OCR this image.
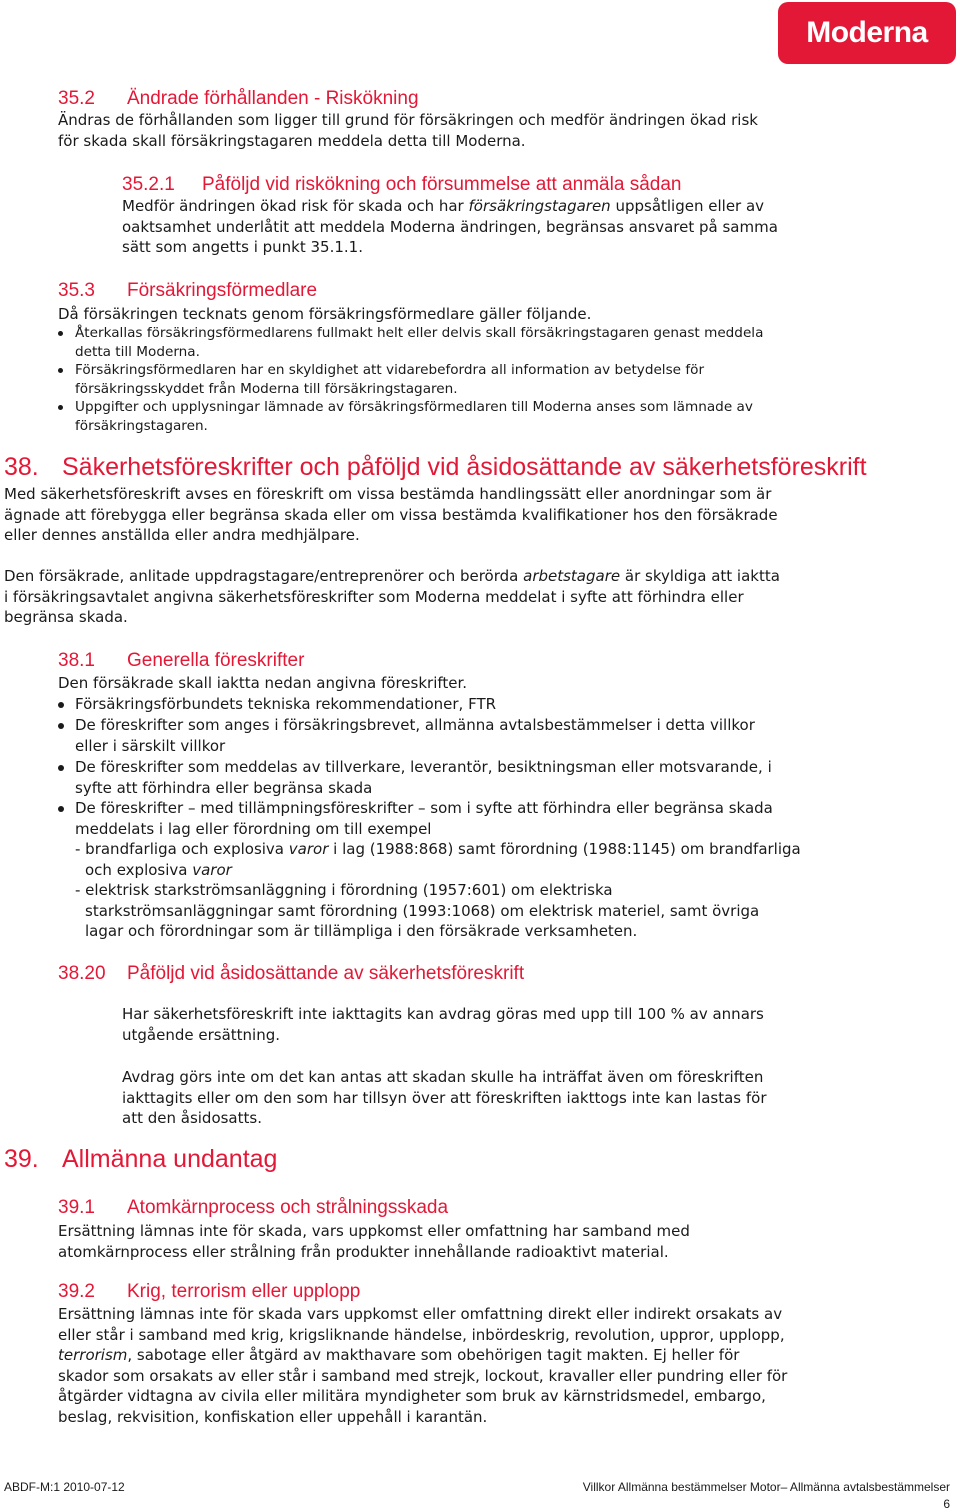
Moderna
35.2 Ändrade förhållanden - Riskökning
Ändras de förhållanden som ligger till grund för försäkringen och medför ändringen ökad risk
för skada skall försäkringstagaren meddela detta till Moderna.
35.2.1 Påföljd vid riskökning och försummelse att anmäla sådan
Medför ändringen ökad risk för skada och har försäkringstagaren uppsåtligen eller av
oaktsamhet underlåtit att meddela Moderna ändringen, begränsas ansvaret på samma
sätt som angetts i punkt 35.1.1.
35.3 Försäkringsförmedlare
Då försäkringen tecknats genom försäkringsförmedlare gäller följande.
Återkallas försäkringsförmedlarens fullmakt helt eller delvis skall försäkringstagaren genast meddela
detta till Moderna.
Försäkringsförmedlaren har en skyldighet att vidarebefordra all information av betydelse för
försäkringsskyddet från Moderna till försäkringstagaren.
Uppgifter och upplysningar lämnade av försäkringsförmedlaren till Moderna anses som lämnade av
försäkringstagaren.
38. Säkerhetsföreskrifter och påföljd vid åsidosättande av säkerhetsföreskrift
Med säkerhetsföreskrift avses en föreskrift om vissa bestämda handlingssätt eller anordningar som är
ägnade att förebygga eller begränsa skada eller om vissa bestämda kvalifikationer hos den försäkrade
eller dennes anställda eller andra medhjälpare.
Den försäkrade, anlitade uppdragstagare/entreprenörer och berörda arbetstagare är skyldiga att iaktta
i försäkringsavtalet angivna säkerhetsföreskrifter som Moderna meddelat i syfte att förhindra eller
begränsa skada.
38.1 Generella föreskrifter
Den försäkrade skall iaktta nedan angivna föreskrifter.
Försäkringsförbundets tekniska rekommendationer, FTR
De föreskrifter som anges i försäkringsbrevet, allmänna avtalsbestämmelser i detta villkor
eller i särskilt villkor
De föreskrifter som meddelas av tillverkare, leverantör, besiktningsman eller motsvarande, i
syfte att förhindra eller begränsa skada
De föreskrifter – med tillämpningsföreskrifter – som i syfte att förhindra eller begränsa skada
meddelats i lag eller förordning om till exempel
- brandfarliga och explosiva varor i lag (1988:868) samt förordning (1988:1145) om brandfarliga
och explosiva varor
- elektrisk starkströmsanläggning i förordning (1957:601) om elektriska
starkströmsanläggningar samt förordning (1993:1068) om elektrisk materiel, samt övriga
lagar och förordningar som är tillämpliga i den försäkrade verksamheten.
38.20 Påföljd vid åsidosättande av säkerhetsföreskrift
Har säkerhetsföreskrift inte iakttagits kan avdrag göras med upp till 100 % av annars
utgående ersättning.
Avdrag görs inte om det kan antas att skadan skulle ha inträffat även om föreskriften
iakttagits eller om den som har tillsyn över att föreskriften iakttogs inte kan lastas för
att den åsidosatts.
39. Allmänna undantag
39.1 Atomkärnprocess och strålningsskada
Ersättning lämnas inte för skada, vars uppkomst eller omfattning har samband med
atomkärnprocess eller strålning från produkter innehållande radioaktivt material.
39.2 Krig, terrorism eller upplopp
Ersättning lämnas inte för skada vars uppkomst eller omfattning direkt eller indirekt orsakats av
eller står i samband med krig, krigsliknande händelse, inbördeskrig, revolution, uppror, upplopp,
terrorism, sabotage eller åtgärd av makthavare som obehörigen tagit makten. Ej heller för
skador som orsakats av eller står i samband med strejk, lockout, kravaller eller pundring eller för
åtgärder vidtagna av civila eller militära myndigheter som bruk av kärnstridsmedel, embargo,
beslag, rekvisition, konfiskation eller uppehåll i karantän.
ABDF-M:1 2010-07-12	Villkor Allmänna bestämmelser Motor– Allmänna avtalsbestämmelser
6
